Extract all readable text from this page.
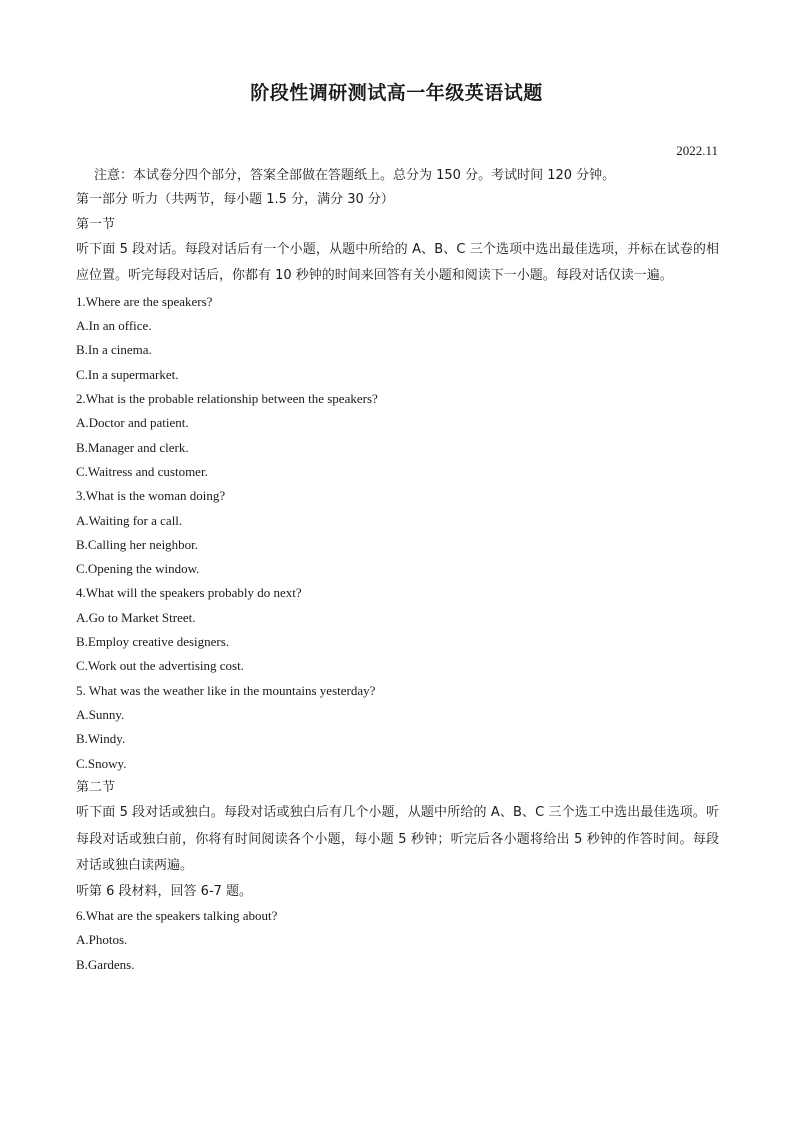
阶段性调研测试高一年级英语试题
2022.11
注意：本试卷分四个部分，答案全部做在答题纸上。总分为 150 分。考试时间 120 分钟。
第一部分 听力（共两节，每小题 1.5 分，满分 30 分）
第一节

听下面 5 段对话。每段对话后有一个小题，从题中所给的 A、B、C 三个选项中选出最佳选项，并标在试卷的相应位置。听完每段对话后，你都有 10 秒钟的时间来回答有关小题和阅读下一小题。每段对话仅读一遍。

1.Where are the speakers?
A.In an office.
B.In a cinema.
C.In a supermarket.
2.What is the probable relationship between the speakers?
A.Doctor and patient.
B.Manager and clerk.
C.Waitress and customer.
3.What is the woman doing?
A.Waiting for a call.
B.Calling her neighbor.
C.Opening the window.
4.What will the speakers probably do next?
A.Go to Market Street.
B.Employ creative designers.
C.Work out the advertising cost.
5. What was the weather like in the mountains yesterday?
A.Sunny.
B.Windy.
C.Snowy.
第二节

听下面 5 段对话或独白。每段对话或独白后有几个小题，从题中所给的 A、B、C 三个选工中选出最佳选项。听每段对话或独白前，你将有时间阅读各个小题，每小题 5 秒钟；听完后各小题将给出 5 秒钟的作答时间。每段对话或独白读两遍。

听第 6 段材料，回答 6-7 题。
6.What are the speakers talking about?
A.Photos.
B.Gardens.
